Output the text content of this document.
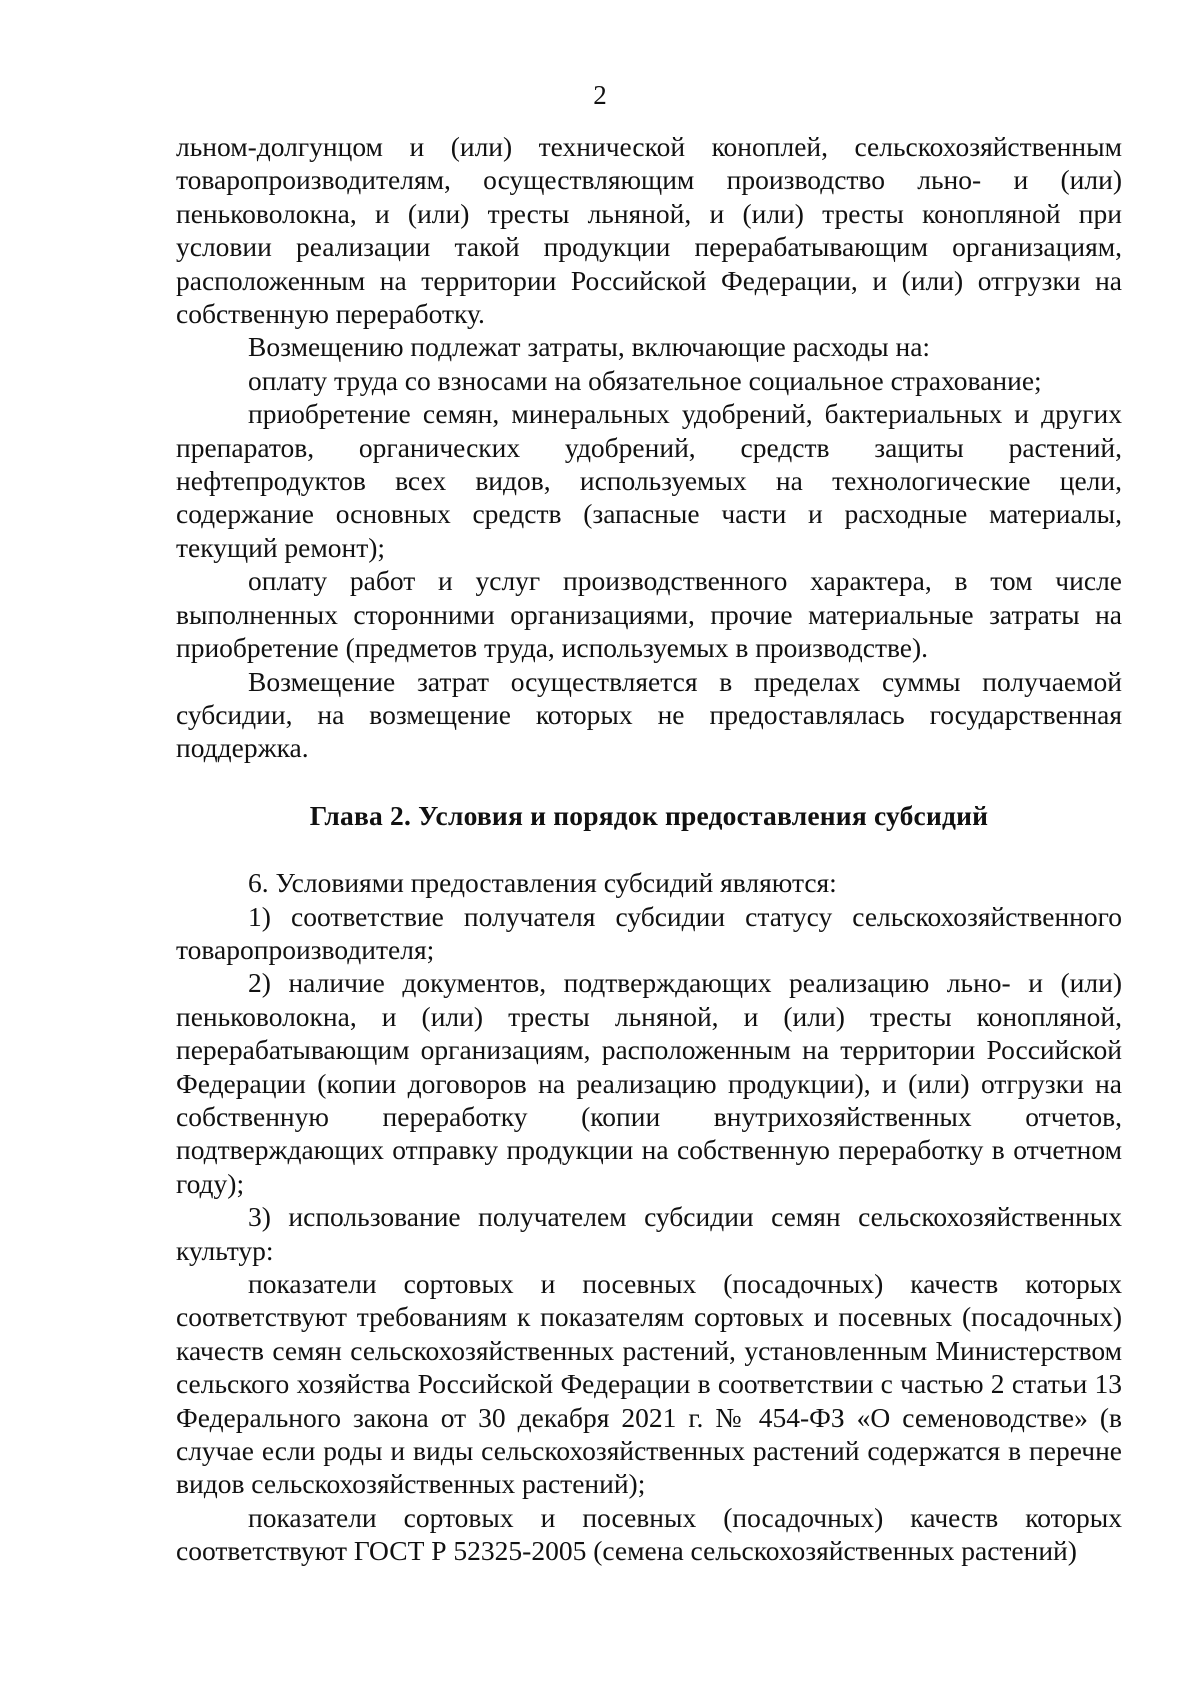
2

льном-долгунцом и (или) технической коноплей, сельскохозяйственным товаропроизводителям, осуществляющим производство льно- и (или) пеньковолокна, и (или) тресты льняной, и (или) тресты конопляной при условии реализации такой продукции перерабатывающим организациям, расположенным на территории Российской Федерации, и (или) отгрузки на собственную переработку.

Возмещению подлежат затраты, включающие расходы на:

оплату труда со взносами на обязательное социальное страхование;

приобретение семян, минеральных удобрений, бактериальных и других препаратов, органических удобрений, средств защиты растений, нефтепродуктов всех видов, используемых на технологические цели, содержание основных средств (запасные части и расходные материалы, текущий ремонт);

оплату работ и услуг производственного характера, в том числе выполненных сторонними организациями, прочие материальные затраты на приобретение (предметов труда, используемых в производстве).

Возмещение затрат осуществляется в пределах суммы получаемой субсидии, на возмещение которых не предоставлялась государственная поддержка.

Глава 2. Условия и порядок предоставления субсидий

6. Условиями предоставления субсидий являются:

1) соответствие получателя субсидии статусу сельскохозяйственного товаропроизводителя;

2) наличие документов, подтверждающих реализацию льно- и (или) пеньковолокна, и (или) тресты льняной, и (или) тресты конопляной, перерабатывающим организациям, расположенным на территории Российской Федерации (копии договоров на реализацию продукции), и (или) отгрузки на собственную переработку (копии внутрихозяйственных отчетов, подтверждающих отправку продукции на собственную переработку в отчетном году);

3) использование получателем субсидии семян сельскохозяйственных культур:

показатели сортовых и посевных (посадочных) качеств которых соответствуют требованиям к показателям сортовых и посевных (посадочных) качеств семян сельскохозяйственных растений, установленным Министерством сельского хозяйства Российской Федерации в соответствии с частью 2 статьи 13 Федерального закона от 30 декабря 2021 г. № 454-ФЗ «О семеноводстве» (в случае если роды и виды сельскохозяйственных растений содержатся в перечне видов сельскохозяйственных растений);

показатели сортовых и посевных (посадочных) качеств которых соответствуют ГОСТ Р 52325-2005 (семена сельскохозяйственных растений)
